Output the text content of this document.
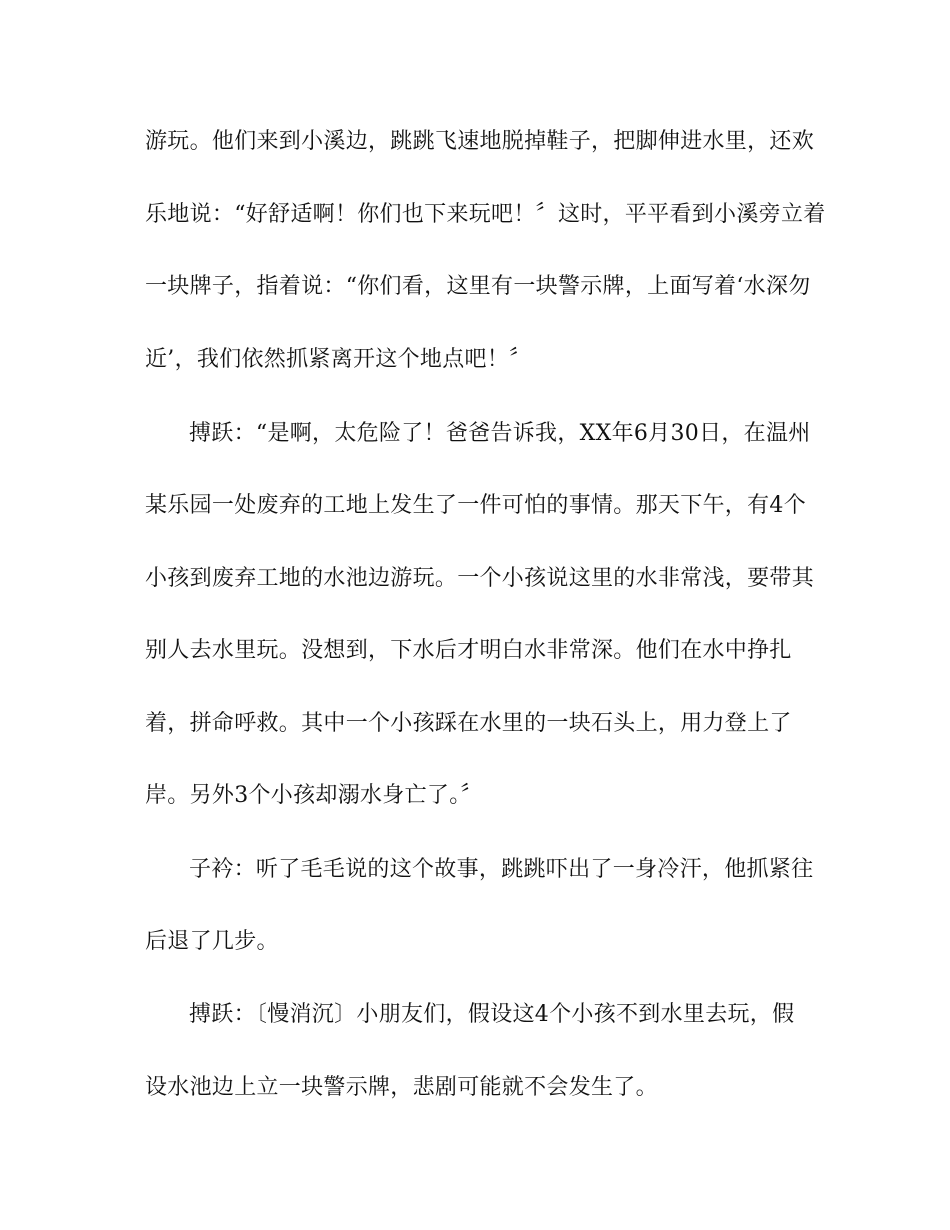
游玩。他们来到小溪边，跳跳飞速地脱掉鞋子，把脚伸进水里，还欢
乐地说：“好舒适啊！你们也下来玩吧！〞这时，平平看到小溪旁立着
一块牌子，指着说：“你们看，这里有一块警示牌，上面写着‘水深勿
近’，我们依然抓紧离开这个地点吧！〞
搏跃：“是啊，太危险了！爸爸告诉我，XX年6月30日，在温州
某乐园一处废弃的工地上发生了一件可怕的事情。那天下午，有4个
小孩到废弃工地的水池边游玩。一个小孩说这里的水非常浅，要带其
别人去水里玩。没想到，下水后才明白水非常深。他们在水中挣扎
着，拼命呼救。其中一个小孩踩在水里的一块石头上，用力登上了
岸。另外3个小孩却溺水身亡了。〞
子衿：听了毛毛说的这个故事，跳跳吓出了一身冷汗，他抓紧往
后退了几步。
搏跃：〔慢消沉〕小朋友们，假设这4个小孩不到水里去玩，假
设水池边上立一块警示牌，悲剧可能就不会发生了。
